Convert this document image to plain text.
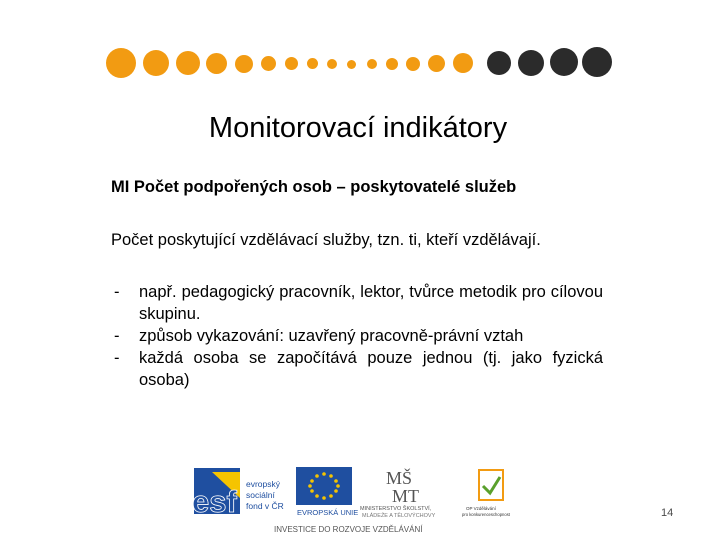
Monitorovací indikátory
MI Počet podpořených osob – poskytovatelé služeb
Počet poskytující vzdělávací služby, tzn. ti, kteří vzdělávají.
- např. pedagogický pracovník, lektor, tvůrce metodik pro cílovou skupinu.
- způsob vykazování: uzavřený pracovně-právní vztah
- každá osoba se započítává pouze jednou (tj. jako fyzická osoba)
esf evropský
sociální
fond v ČR
EVROPSKÁ UNIE
MŠ
MT
MINISTERSTVO ŠKOLSTVÍ,
MLÁDEŽE A TĚLOVÝCHOVY
OP Vzdělávání
pro konkurenceschopnost
INVESTICE DO ROZVOJE VZDĚLÁVÁNÍ
14
